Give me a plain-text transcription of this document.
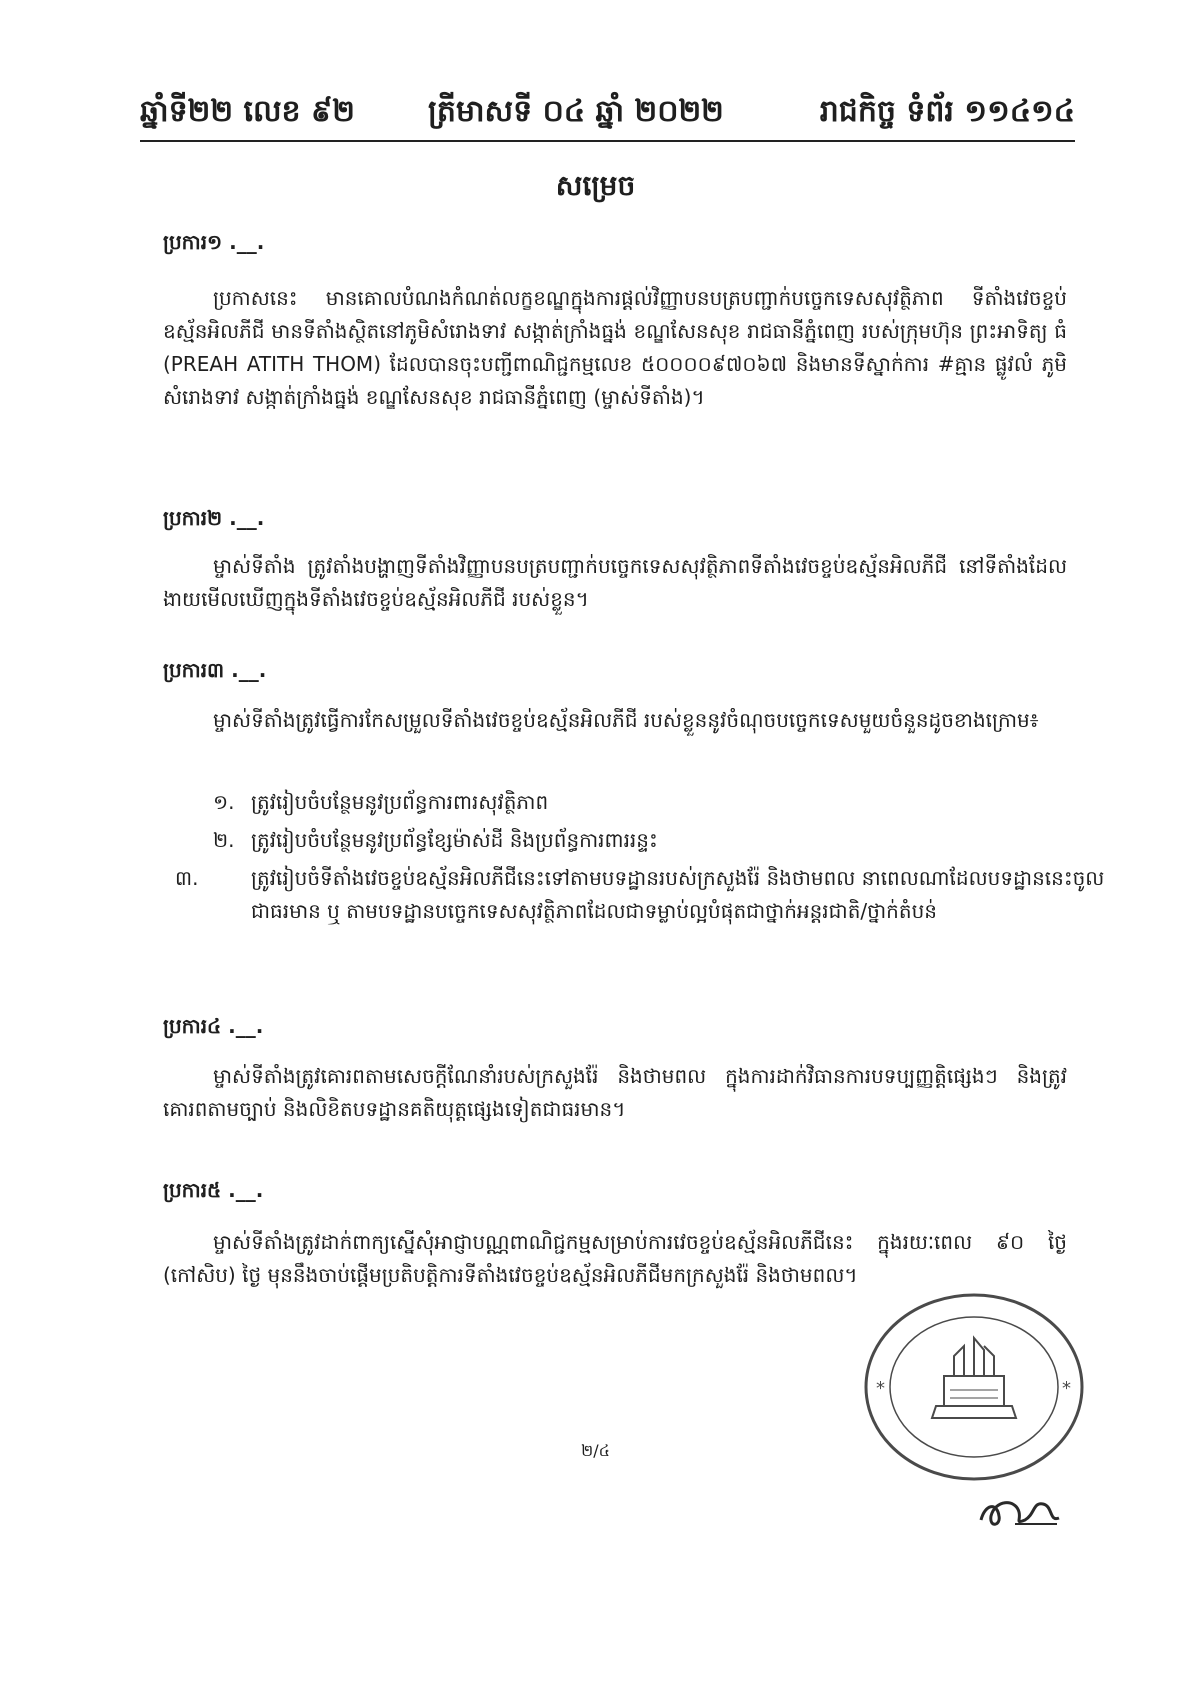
ឆ្នាំទី២២ លេខ ៩២ ត្រីមាសទី ០៤ ឆ្នាំ ២០២២	រាជកិច្ច ទំព័រ ១១៤១៤
សម្រេច
ប្រការ១ .__.
ប្រកាសនេះ មានគោលបំណងកំណត់លក្ខខណ្ឌក្នុងការផ្តល់វិញ្ញាបនបត្របញ្ជាក់បច្ចេកទេសសុវត្ថិភាព ទីតាំងវេចខ្ចប់ឧស្ម័នអិលភីជី មានទីតាំងស្ថិតនៅភូមិសំរោងទាវ សង្កាត់ក្រាំងធ្នង់ ខណ្ឌសែនសុខ រាជធានីភ្នំពេញ របស់ក្រុមហ៊ុន ព្រះអាទិត្យ ធំ (PREAH ATITH THOM) ដែលបានចុះបញ្ជីពាណិជ្ជកម្មលេខ ៥០០០០៩៧០៦៧ និងមានទីស្នាក់ការ #គ្មាន ផ្លូវលំ ភូមិសំរោងទាវ សង្កាត់ក្រាំងធ្នង់ ខណ្ឌសែនសុខ រាជធានីភ្នំពេញ (ម្ចាស់ទីតាំង)។
ប្រការ២ .__.
ម្ចាស់ទីតាំង ត្រូវតាំងបង្ហាញទីតាំងវិញ្ញាបនបត្របញ្ជាក់បច្ចេកទេសសុវត្ថិភាពទីតាំងវេចខ្ចប់ឧស្ម័នអិលភីជី នៅទីតាំងដែលងាយមើលឃើញក្នុងទីតាំងវេចខ្ចប់ឧស្ម័នអិលភីជី របស់ខ្លួន។
ប្រការ៣ .__.
ម្ចាស់ទីតាំងត្រូវធ្វើការកែសម្រួលទីតាំងវេចខ្ចប់ឧស្ម័នអិលភីជី របស់ខ្លួននូវចំណុចបច្ចេកទេសមួយចំនួនដូចខាងក្រោម៖
១. ត្រូវរៀបចំបន្ថែមនូវប្រព័ន្ធការពារសុវត្ថិភាព
២. ត្រូវរៀបចំបន្ថែមនូវប្រព័ន្ធខ្សែម៉ាស់ដី និងប្រព័ន្ធការពាររន្ទះ
៣.	ត្រូវរៀបចំទីតាំងវេចខ្ចប់ឧស្ម័នអិលភីជីនេះទៅតាមបទដ្ឋានរបស់ក្រសួងរ៉ែ និងថាមពល នាពេលណាដែលបទដ្ឋាននេះចូលជាធរមាន ឬ តាមបទដ្ឋានបច្ចេកទេសសុវត្ថិភាពដែលជាទម្លាប់ល្អបំផុតជាថ្នាក់អន្តរជាតិ/ថ្នាក់តំបន់
ប្រការ៤ .__.
ម្ចាស់ទីតាំងត្រូវគោរពតាមសេចក្តីណែនាំរបស់ក្រសួងរ៉ែ និងថាមពល ក្នុងការដាក់វិធានការបទប្បញ្ញត្តិផ្សេងៗ និងត្រូវគោរពតាមច្បាប់ និងលិខិតបទដ្ឋានគតិយុត្តផ្សេងទៀតជាធរមាន។
ប្រការ៥ .__.
ម្ចាស់ទីតាំងត្រូវដាក់ពាក្យស្នើសុំអាជ្ញាបណ្ណពាណិជ្ជកម្មសម្រាប់ការវេចខ្ចប់ឧស្ម័នអិលភីជីនេះ ក្នុងរយៈពេល ៩០ ថ្ងៃ (កៅសិប) ថ្ងៃ មុននឹងចាប់ផ្តើមប្រតិបត្តិការទីតាំងវេចខ្ចប់ឧស្ម័នអិលភីជីមកក្រសួងរ៉ែ និងថាមពល។
*	*
២/៤
